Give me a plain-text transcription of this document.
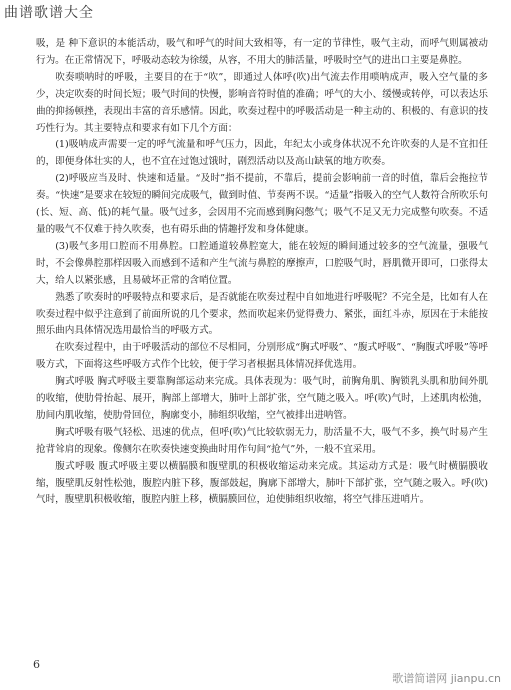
曲谱歌谱大全

吸，是 种下意识的本能活动，吸气和呼气的时间大致相等，有一定的节律性，吸气主动，而呼气则属被动行为。在正常情况下，呼吸动态较为徐缓，从容，不用大的肺活量，呼吸时空气的进出口主要是鼻腔。

吹奏唢呐时的呼吸，主要目的在于“吹”，即通过人体呼(吹)出气流去作用唢呐成声，吸入空气量的多少，决定吹奏的时间长短；吸气时间的快慢，影响音符时值的准确；呼气的大小、缓慢或转停，可以表达乐曲的抑扬顿挫，表现出丰富的音乐感情。因此，吹奏过程中的呼吸活动是一种主动的、积极的、有意识的技巧性行为。其主要特点和要求有如下几个方面：

(1)吸呐成声需要一定的呼气流量和呼气压力，因此，年纪太小或身体状况不允许吹奏的人是不宜扣任的，即便身体壮实的人，也不宜在过饱过饿时，剧烈活动以及高山缺氧的地方吹奏。

(2)呼吸应当及时、快速和适量。“及时”指不提前，不靠后，提前会影响前一音的时值，靠后会拖拉节奏。“快速”是要求在较短的瞬间完成吸气，做到时值、节奏两不误。“适量”指吸入的空气人数符合所吹乐句(长、短、高、低)的耗气量。吸气过多，会因用不完而感到胸闷憋气；吸气不足又无力完成整句吹奏。不适量的吸气不仅难于持久吹奏，也有碍乐曲的情趣抒发和身体健康。

(3)吸气多用口腔而不用鼻腔。口腔通道较鼻腔宽大，能在较短的瞬间通过较多的空气流量，强吸气时，不会像鼻腔那样因吸入而感到不适和产生气流与鼻腔的摩擦声，口腔吸气时，唇肌微开即可，口张得太大，给人以紧张感，且易破坏正常的含哨位置。

熟悉了吹奏时的呼吸特点和要求后，是否就能在吹奏过程中自如地进行呼吸呢？不完全是，比如有人在吹奏过程中似乎注意到了前面所说的几个要求，然而吹起来仍觉得费力、紧张，面红斗赤，原因在于未能按照乐曲内具体情况选用最恰当的呼吸方式。

在吹奏过程中，由于呼吸活动的部位不尽相同，分别形成“胸式呼吸”、“腹式呼吸”、“胸腹式呼吸”等呼吸方式，下面将这些呼吸方式作个比较，便于学习者根据具体情况择优选用。

胸式呼吸 胸式呼吸主要靠胸部运动来完成。具体表现为：吸气时，前胸角肌、胸锁乳头肌和肋间外肌的收缩，使肋骨抬起、展开，胸部上部增大，肺叶上部扩张，空气随之吸入。呼(吹)气时，上述肌肉松弛，肋间内肌收缩，使肋骨回位，胸廓变小，肺组织收缩，空气被排出进呐管。

胸式呼吸有吸气轻松、迅速的优点，但呼(吹)气比较软弱无力，肋活量不大，吸气不多，换气时易产生抢背耸肩的现象。像侧尔在吹奏快速变换曲时用作句间“抢气”外，一般不宜采用。

腹式呼吸 腹式呼吸主要以横膈膜和腹壁肌的积极收缩运动来完成。其运动方式是：吸气时横膈膜收缩，腹壁肌反射性松弛，腹腔内脏下移，腹部鼓起，胸廓下部增大，肺叶下部扩张，空气随之吸入。呼(吹)气时，腹壁肌积极收缩，腹腔内脏上移，横膈膜回位，迫使肺组织收缩，将空气排压进哨片。

6
歌谱简谱网 jianpu.cn
